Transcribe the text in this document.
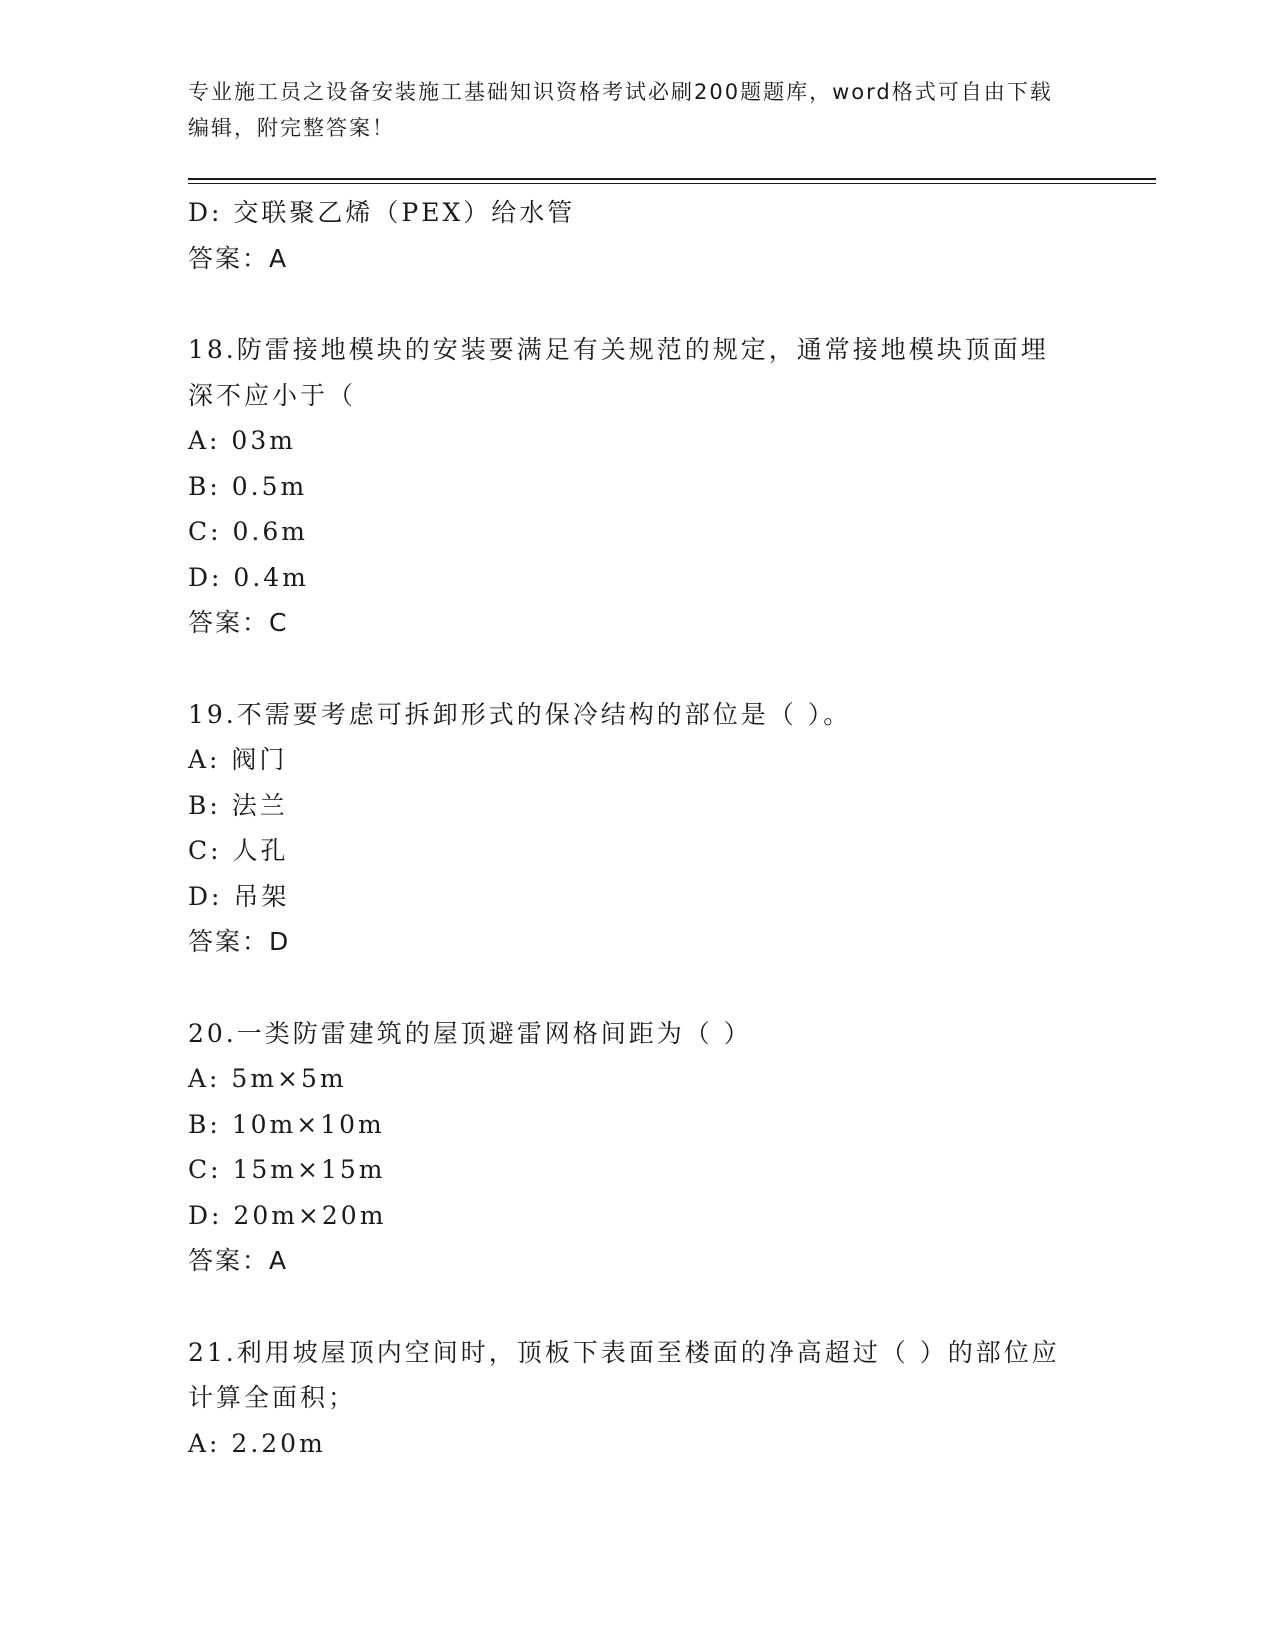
专业施工员之设备安装施工基础知识资格考试必刷200题题库，word格式可自由下载编辑，附完整答案！

D: 交联聚乙烯（PEX）给水管

答案：A

18.防雷接地模块的安装要满足有关规范的规定，通常接地模块顶面埋深不应小于（

A: 03m

B: 0.5m

C: 0.6m

D: 0.4m

答案：C

19.不需要考虑可拆卸形式的保冷结构的部位是（ ）。

A: 阀门

B: 法兰

C: 人孔

D: 吊架

答案：D

20.一类防雷建筑的屋顶避雷网格间距为（ ）

A: 5m×5m

B: 10m×10m

C: 15m×15m

D: 20m×20m

答案：A

21.利用坡屋顶内空间时，顶板下表面至楼面的净高超过（ ）的部位应计算全面积；

A: 2.20m
